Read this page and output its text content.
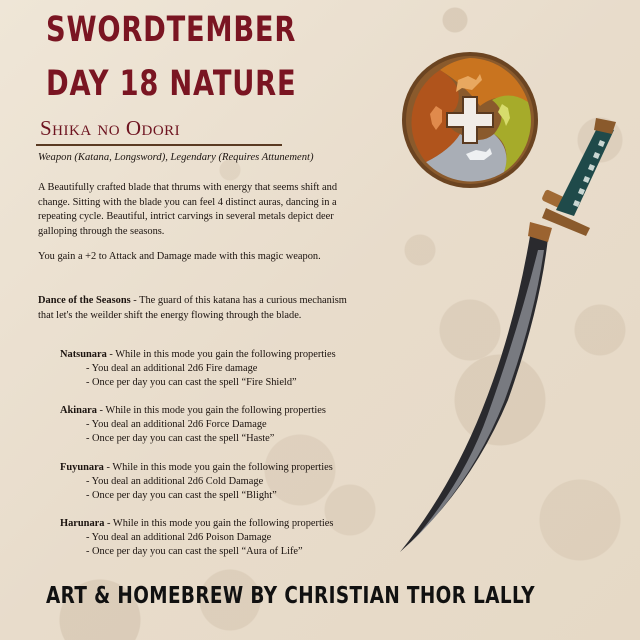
SWORDTEMBER
DAY 18 NATURE
Shika no Odori
Weapon (Katana, Longsword), Legendary (Requires Attunement)
A Beautifully crafted blade that thrums with energy that seems shift and change. Sitting with the blade you can feel 4 distinct auras, dancing in a repeating cycle. Beautiful, intrict carvings in several metals depict deer galloping through the seasons.
You gain a +2 to Attack and Damage made with this magic weapon.
Dance of the Seasons - The guard of this katana has a curious mechanism that let's the weilder shift the energy flowing through the blade.
Natsunara - While in this mode you gain the following properties
- You deal an additional 2d6 Fire damage
- Once per day you can cast the spell “Fire Shield”
Akinara - While in this mode you gain the following properties
- You deal an additional 2d6 Force Damage
- Once per day you can cast the spell “Haste”
Fuyunara - While in this mode you gain the following properties
- You deal an additional 2d6 Cold Damage
- Once per day you can cast the spell “Blight”
Harunara - While in this mode you gain the following properties
- You deal an additional 2d6 Poison Damage
- Once per day you can cast the spell “Aura of Life”
ART & HOMEBREW BY CHRISTIAN THOR LALLY
